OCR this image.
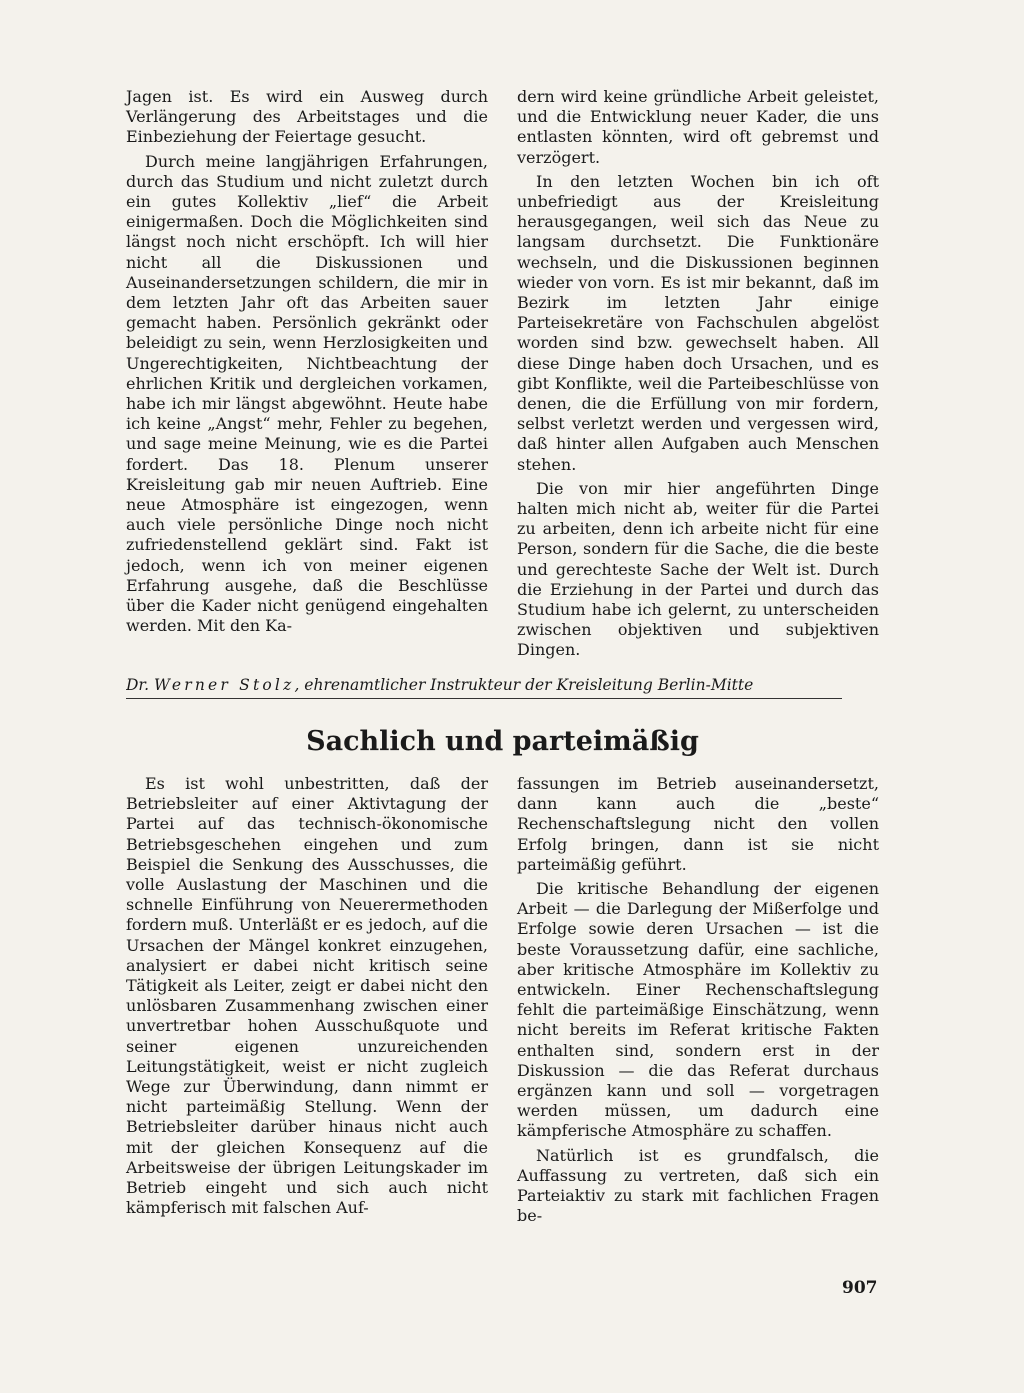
Jagen ist. Es wird ein Ausweg durch Verlängerung des Arbeitstages und die Einbeziehung der Feiertage gesucht.

Durch meine langjährigen Erfahrungen, durch das Studium und nicht zuletzt durch ein gutes Kollektiv „lief“ die Arbeit einigermaßen. Doch die Möglichkeiten sind längst noch nicht erschöpft. Ich will hier nicht all die Diskussionen und Auseinandersetzungen schildern, die mir in dem letzten Jahr oft das Arbeiten sauer gemacht haben. Persönlich gekränkt oder beleidigt zu sein, wenn Herzlosigkeiten und Ungerechtigkeiten, Nichtbeachtung der ehrlichen Kritik und dergleichen vorkamen, habe ich mir längst abgewöhnt. Heute habe ich keine „Angst“ mehr, Fehler zu begehen, und sage meine Meinung, wie es die Partei fordert. Das 18. Plenum unserer Kreisleitung gab mir neuen Auftrieb. Eine neue Atmosphäre ist eingezogen, wenn auch viele persönliche Dinge noch nicht zufriedenstellend geklärt sind. Fakt ist jedoch, wenn ich von meiner eigenen Erfahrung ausgehe, daß die Beschlüsse über die Kader nicht genügend eingehalten werden. Mit den Ka-

dern wird keine gründliche Arbeit geleistet, und die Entwicklung neuer Kader, die uns entlasten könnten, wird oft gebremst und verzögert.

In den letzten Wochen bin ich oft unbefriedigt aus der Kreisleitung herausgegangen, weil sich das Neue zu langsam durchsetzt. Die Funktionäre wechseln, und die Diskussionen beginnen wieder von vorn. Es ist mir bekannt, daß im Bezirk im letzten Jahr einige Parteisekretäre von Fachschulen abgelöst worden sind bzw. gewechselt haben. All diese Dinge haben doch Ursachen, und es gibt Konflikte, weil die Parteibeschlüsse von denen, die die Erfüllung von mir fordern, selbst verletzt werden und vergessen wird, daß hinter allen Aufgaben auch Menschen stehen.

Die von mir hier angeführten Dinge halten mich nicht ab, weiter für die Partei zu arbeiten, denn ich arbeite nicht für eine Person, sondern für die Sache, die die beste und gerechteste Sache der Welt ist. Durch die Erziehung in der Partei und durch das Studium habe ich gelernt, zu unterscheiden zwischen objektiven und subjektiven Dingen.

Dr. Werner Stolz, ehrenamtlicher Instrukteur der Kreisleitung Berlin-Mitte
Sachlich und parteimäßig

Es ist wohl unbestritten, daß der Betriebsleiter auf einer Aktivtagung der Partei auf das technisch-ökonomische Betriebsgeschehen eingehen und zum Beispiel die Senkung des Ausschusses, die volle Auslastung der Maschinen und die schnelle Einführung von Neuerermethoden fordern muß. Unterläßt er es jedoch, auf die Ursachen der Mängel konkret einzugehen, analysiert er dabei nicht kritisch seine Tätigkeit als Leiter, zeigt er dabei nicht den unlösbaren Zusammenhang zwischen einer unvertretbar hohen Ausschußquote und seiner eigenen unzureichenden Leitungstätigkeit, weist er nicht zugleich Wege zur Überwindung, dann nimmt er nicht parteimäßig Stellung. Wenn der Betriebsleiter darüber hinaus nicht auch mit der gleichen Konsequenz auf die Arbeitsweise der übrigen Leitungskader im Betrieb eingeht und sich auch nicht kämpferisch mit falschen Auf-

fassungen im Betrieb auseinandersetzt, dann kann auch die „beste“ Rechenschaftslegung nicht den vollen Erfolg bringen, dann ist sie nicht parteimäßig geführt.

Die kritische Behandlung der eigenen Arbeit — die Darlegung der Mißerfolge und Erfolge sowie deren Ursachen — ist die beste Voraussetzung dafür, eine sachliche, aber kritische Atmosphäre im Kollektiv zu entwickeln. Einer Rechenschaftslegung fehlt die parteimäßige Einschätzung, wenn nicht bereits im Referat kritische Fakten enthalten sind, sondern erst in der Diskussion — die das Referat durchaus ergänzen kann und soll — vorgetragen werden müssen, um dadurch eine kämpferische Atmosphäre zu schaffen.

Natürlich ist es grundfalsch, die Auffassung zu vertreten, daß sich ein Parteiaktiv zu stark mit fachlichen Fragen be-

907
